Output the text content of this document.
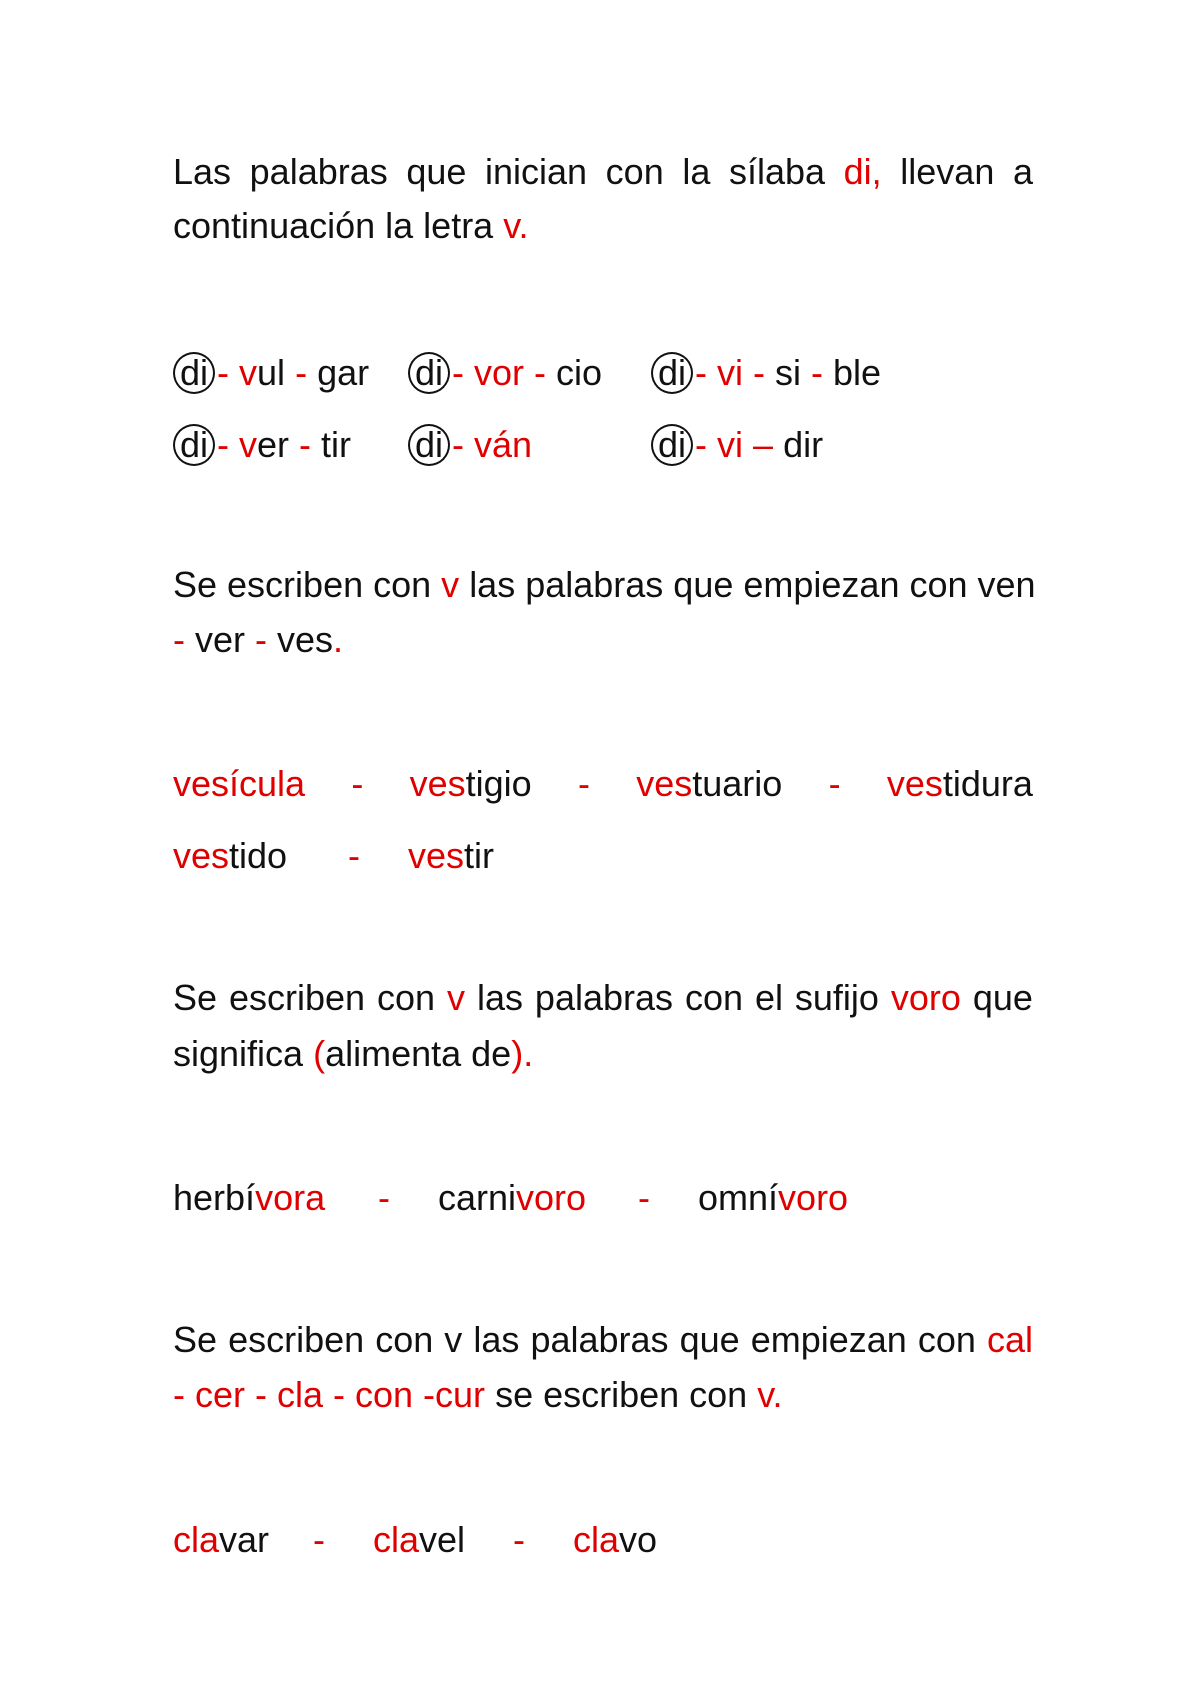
Las palabras que inician con la sílaba di, llevan a
continuación la letra v.
di - vul - gar di - vor - cio di - vi - si - ble
di - ver - tir di - ván	di - vi – dir
Se escriben con v las palabras que empiezan con ven
- ver - ves.
vesícula - vestigio - vestuario - vestidura
vestido - vestir
Se escriben con v las palabras con el sufijo voro que
significa (alimenta de).
herbívora - carnivoro - omnívoro
Se escriben con v las palabras que empiezan con cal
- cer - cla - con -cur se escriben con v.
clavar - clavel - clavo
